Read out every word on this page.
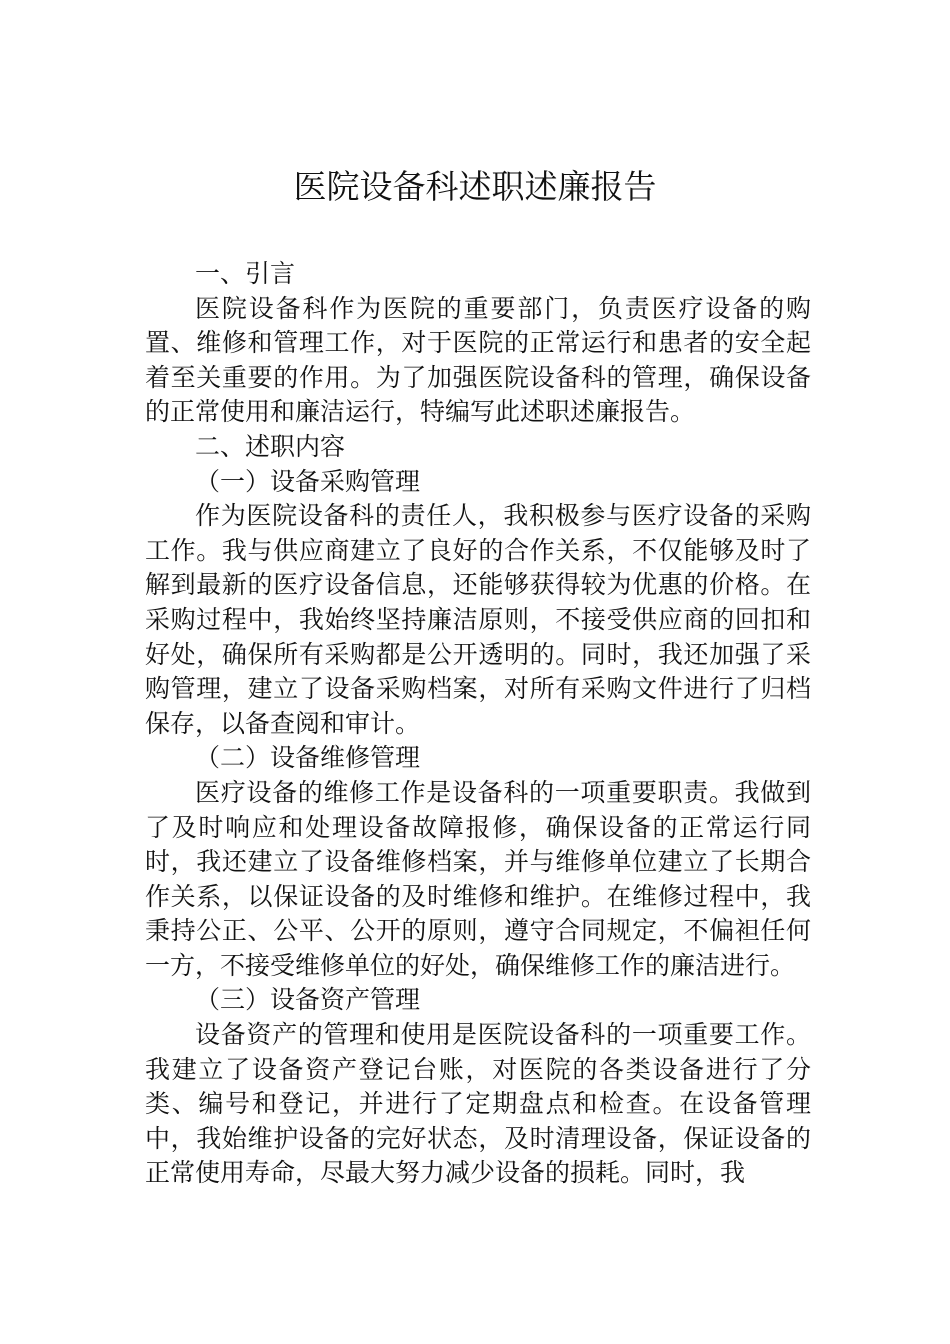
医院设备科述职述廉报告

一、引言

医院设备科作为医院的重要部门，负责医疗设备的购置、维修和管理工作，对于医院的正常运行和患者的安全起着至关重要的作用。为了加强医院设备科的管理，确保设备的正常使用和廉洁运行，特编写此述职述廉报告。

二、述职内容

（一）设备采购管理

作为医院设备科的责任人，我积极参与医疗设备的采购工作。我与供应商建立了良好的合作关系，不仅能够及时了解到最新的医疗设备信息，还能够获得较为优惠的价格。在采购过程中，我始终坚持廉洁原则，不接受供应商的回扣和好处，确保所有采购都是公开透明的。同时，我还加强了采购管理，建立了设备采购档案，对所有采购文件进行了归档保存，以备查阅和审计。

（二）设备维修管理

医疗设备的维修工作是设备科的一项重要职责。我做到了及时响应和处理设备故障报修，确保设备的正常运行同时，我还建立了设备维修档案，并与维修单位建立了长期合作关系，以保证设备的及时维修和维护。在维修过程中，我秉持公正、公平、公开的原则，遵守合同规定，不偏袒任何一方，不接受维修单位的好处，确保维修工作的廉洁进行。

（三）设备资产管理

设备资产的管理和使用是医院设备科的一项重要工作。我建立了设备资产登记台账，对医院的各类设备进行了分类、编号和登记，并进行了定期盘点和检查。在设备管理中，我始维护设备的完好状态，及时清理设备，保证设备的正常使用寿命，尽最大努力减少设备的损耗。同时，我
